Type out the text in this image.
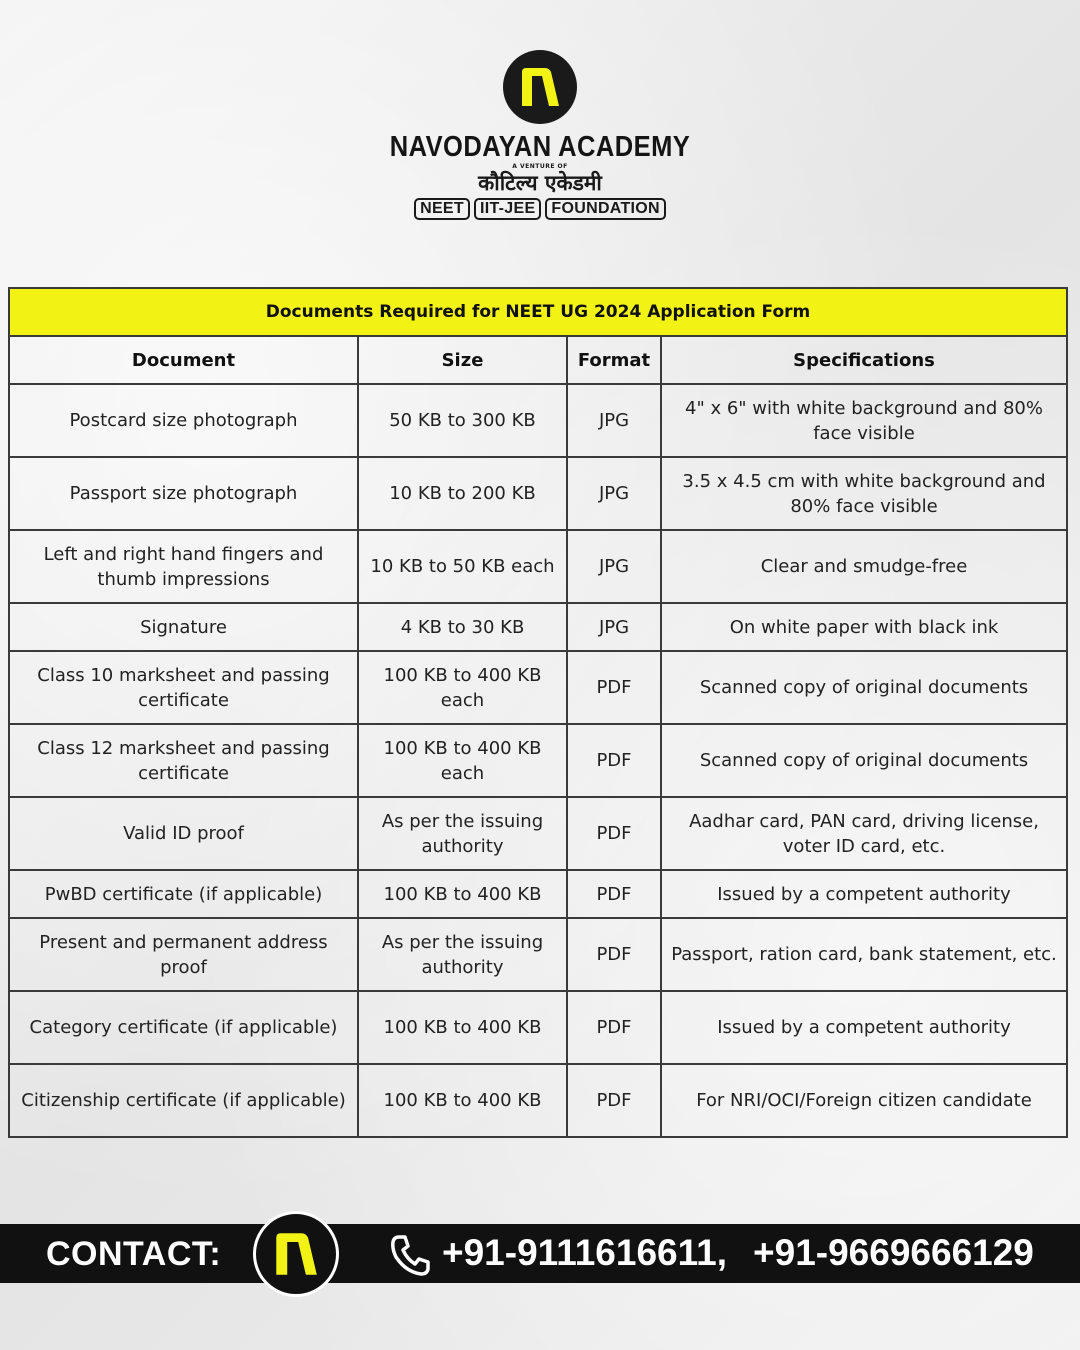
NAVODAYAN ACADEMY
A VENTURE OF
कौटिल्य एकेडमी
NEET	IIT-JEE	FOUNDATION
Documents Required for NEET UG 2024 Application Form			
Document	Size	Format	Specifications
Postcard size photograph	50 KB to 300 KB	JPG	4" x 6" with white background and 80% face visible
Passport size photograph	10 KB to 200 KB	JPG	3.5 x 4.5 cm with white background and 80% face visible
Left and right hand fingers and thumb impressions	10 KB to 50 KB each	JPG	Clear and smudge-free
Signature	4 KB to 30 KB	JPG	On white paper with black ink
Class 10 marksheet and passing certificate	100 KB to 400 KB each	PDF	Scanned copy of original documents
Class 12 marksheet and passing certificate	100 KB to 400 KB each	PDF	Scanned copy of original documents
Valid ID proof	As per the issuing authority	PDF	Aadhar card, PAN card, driving license, voter ID card, etc.
PwBD certificate (if applicable)	100 KB to 400 KB	PDF	Issued by a competent authority
Present and permanent address proof	As per the issuing authority	PDF	Passport, ration card, bank statement, etc.
Category certificate (if applicable)	100 KB to 400 KB	PDF	Issued by a competent authority
Citizenship certificate (if applicable)	100 KB to 400 KB	PDF	For NRI/OCI/Foreign citizen candidate
CONTACT:	+91-9111616611, +91-9669666129
